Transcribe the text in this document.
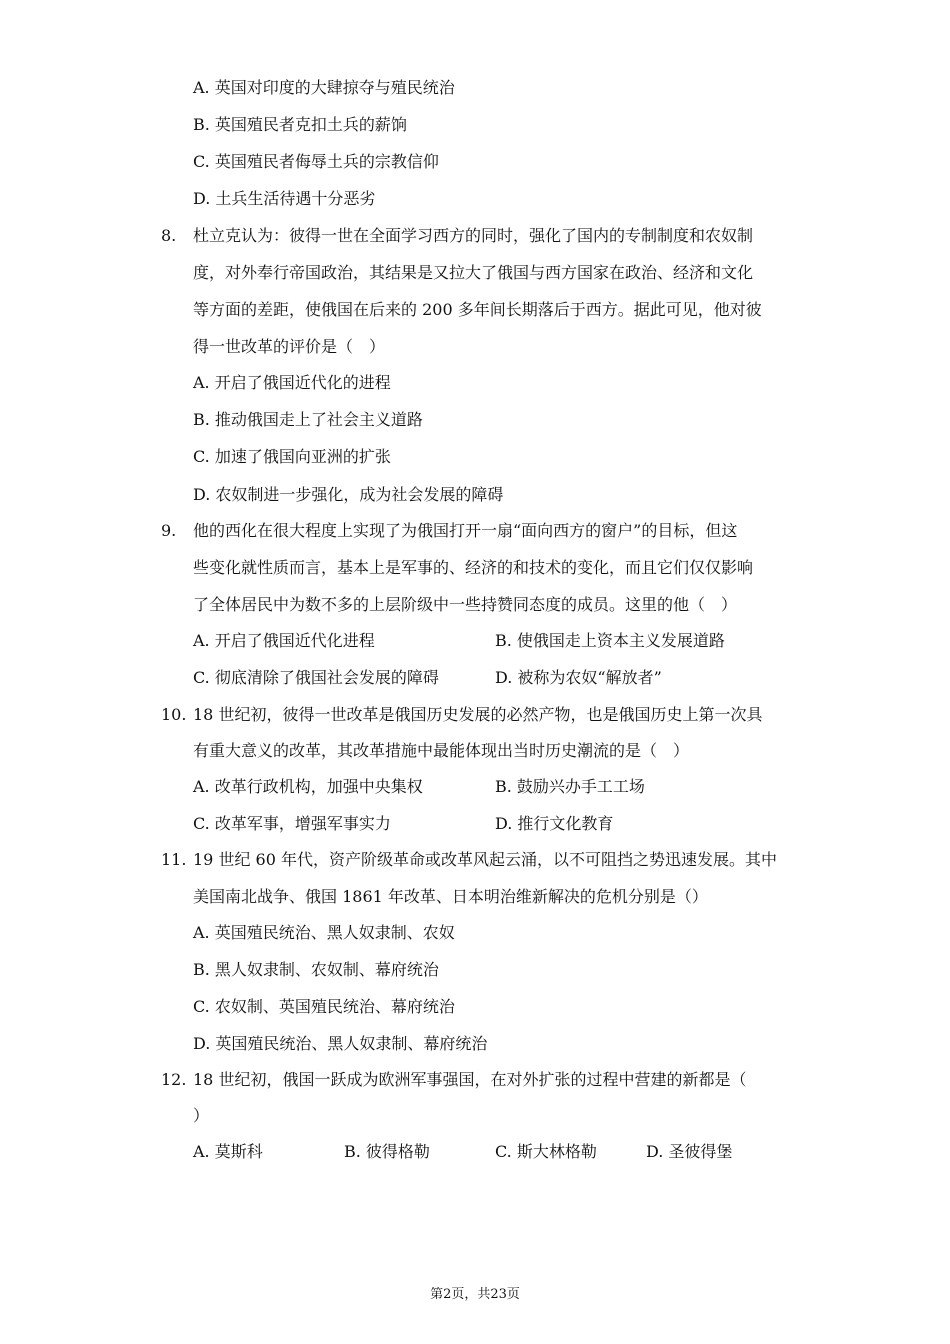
A. 英国对印度的大肆掠夺与殖民统治
B. 英国殖民者克扣土兵的薪饷
C. 英国殖民者侮辱土兵的宗教信仰
D. 土兵生活待遇十分恶劣
8. 杜立克认为：彼得一世在全面学习西方的同时，强化了国内的专制制度和农奴制
度，对外奉行帝国政治，其结果是又拉大了俄国与西方国家在政治、经济和文化
等方面的差距，使俄国在后来的 200 多年间长期落后于西方。据此可见，他对彼
得一世改革的评价是（　）
A. 开启了俄国近代化的进程
B. 推动俄国走上了社会主义道路
C. 加速了俄国向亚洲的扩张
D. 农奴制进一步强化，成为社会发展的障碍
9. 他的西化在很大程度上实现了为俄国打开一扇“面向西方的窗户”的目标，但这
些变化就性质而言，基本上是军事的、经济的和技术的变化，而且它们仅仅影响
了全体居民中为数不多的上层阶级中一些持赞同态度的成员。这里的他（　）
A. 开启了俄国近代化进程	B. 使俄国走上资本主义发展道路
C. 彻底清除了俄国社会发展的障碍	D. 被称为农奴“解放者”
10. 18 世纪初，彼得一世改革是俄国历史发展的必然产物，也是俄国历史上第一次具
有重大意义的改革，其改革措施中最能体现出当时历史潮流的是（　）
A. 改革行政机构，加强中央集权	B. 鼓励兴办手工工场
C. 改革军事，增强军事实力	D. 推行文化教育
11. 19 世纪 60 年代，资产阶级革命或改革风起云涌，以不可阻挡之势迅速发展。其中
美国南北战争、俄国 1861 年改革、日本明治维新解决的危机分别是（）
A. 英国殖民统治、黑人奴隶制、农奴
B. 黑人奴隶制、农奴制、幕府统治
C. 农奴制、英国殖民统治、幕府统治
D. 英国殖民统治、黑人奴隶制、幕府统治
12. 18 世纪初，俄国一跃成为欧洲军事强国，在对外扩张的过程中营建的新都是（
）
A. 莫斯科	B. 彼得格勒	C. 斯大林格勒	D. 圣彼得堡
第2页，共23页
